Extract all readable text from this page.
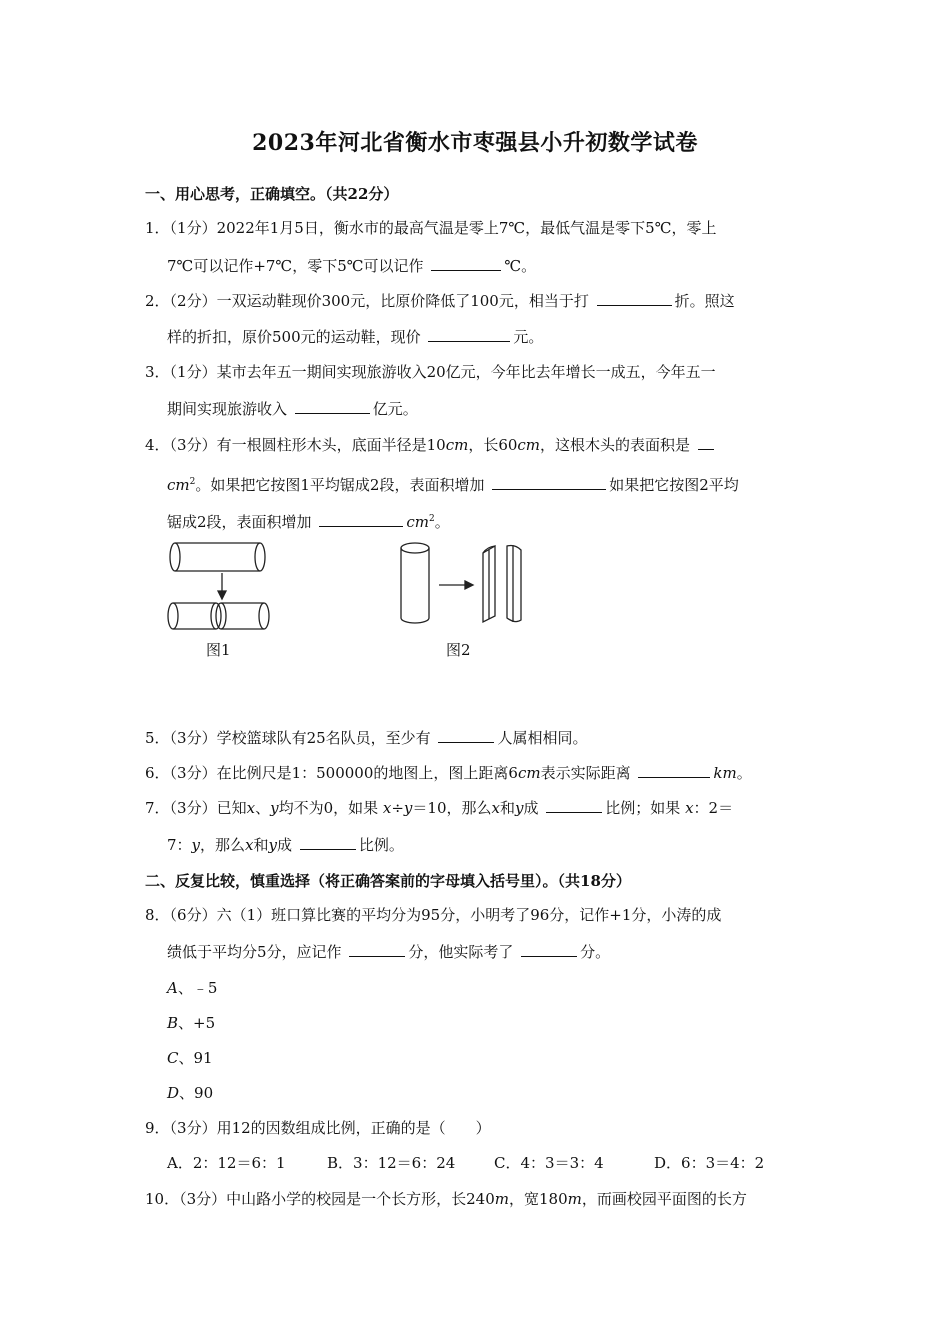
2023年河北省衡水市枣强县小升初数学试卷
一、用心思考，正确填空。（共22分）
1．（1分）2022年1月5日，衡水市的最高气温是零上7℃，最低气温是零下5℃，零上
7℃可以记作+7℃，零下5℃可以记作	℃。
2．（2分）一双运动鞋现价300元，比原价降低了100元，相当于打	折。照这
样的折扣，原价500元的运动鞋，现价	元。
3．（1分）某市去年五一期间实现旅游收入20亿元，今年比去年增长一成五，今年五一
期间实现旅游收入	亿元。
4．（3分）有一根圆柱形木头，底面半径是10cm，长60cm，这根木头的表面积是
$cm^2$。如果把它按图1平均锯成2段，表面积增加	如果把它按图2平均
锯成2段，表面积增加	$cm^2$。
图1	图2
5．（3分）学校篮球队有25名队员，至少有	人属相相同。
6．（3分）在比例尺是1：500000的地图上，图上距离6cm表示实际距离	km。
7．（3分）已知x、y均不为0，如果 x÷y＝10，那么x和y成	比例；如果 x：2＝
7：y，那么x和y成	比例。
二、反复比较，慎重选择（将正确答案前的字母填入括号里）。（共18分）
8．（6分）六（1）班口算比赛的平均分为95分，小明考了96分，记作+1分，小涛的成
绩低于平均分5分，应记作	分，他实际考了	分。
A、﹣5
B、+5
C、91
D、90
9．（3分）用12的因数组成比例，正确的是（　　）
A．2：12＝6：1	B．3：12＝6：24	C．4：3＝3：4	D．6：3＝4：2
10．（3分）中山路小学的校园是一个长方形，长240m，宽180m，而画校园平面图的长方
